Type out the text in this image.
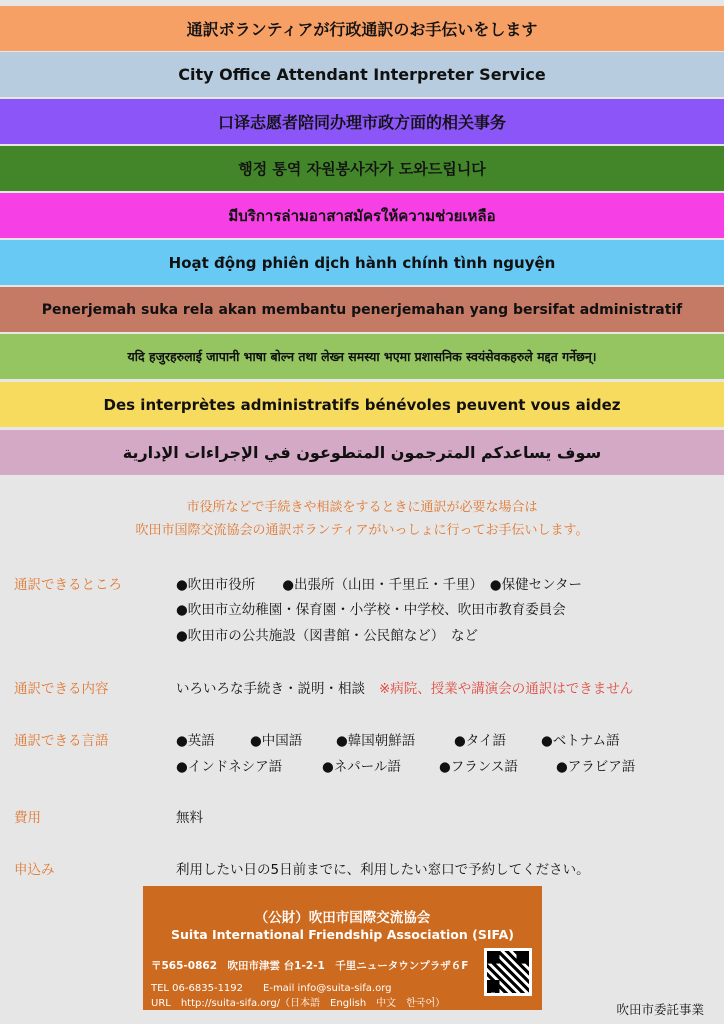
通訳ボランティアが行政通訳のお手伝いをします
City Office Attendant Interpreter Service
口译志愿者陪同办理市政方面的相关事务
행정 통역 자원봉사자가 도와드립니다
มีบริการล่ามอาสาสมัครให้ความช่วยเหลือ
Hoạt động phiên dịch hành chính tình nguyện
Penerjemah suka rela akan membantu penerjemahan yang bersifat administratif
यदि हजुरहरुलाई जापानी भाषा बोल्न तथा लेख्न समस्या भएमा प्रशासनिक स्वयंसेवकहरुले मद्दत गर्नेछन्।
Des interprètes administratifs bénévoles peuvent vous aidez
سوف يساعدكم المترجمون المتطوعون في الإجراءات الإدارية
市役所などで手続きや相談をするときに通訳が必要な場合は
吹田市国際交流協会の通訳ボランティアがいっしょに行ってお手伝いします。
通訳できるところ	●吹田市役所　　●出張所（山田・千里丘・千里）　●保健センター
●吹田市立幼稚園・保育園・小学校・中学校、吹田市教育委員会
●吹田市の公共施設（図書館・公民館など）　など
通訳できる内容	いろいろな手続き・説明・相談 ※病院、授業や講演会の通訳はできません
通訳できる言語	●英語	●中国語 ●韓国朝鮮語	●タイ語	●ベトナム語
●インドネシア語	●ネパール語	●フランス語	●アラビア語
費用	無料
申込み	利用したい日の5日前までに、利用したい窓口で予約してください。
（公財）吹田市国際交流協会
Suita International Friendship Association (SIFA)
〒565-0862　吹田市津雲 台1-2-1　千里ニュータウンプラザ６F
TEL 06-6835-1192　　E-mail info@suita-sifa.org
URL　http://suita-sifa.org/（日本語　English　中文　한국어）	吹田市委託事業
